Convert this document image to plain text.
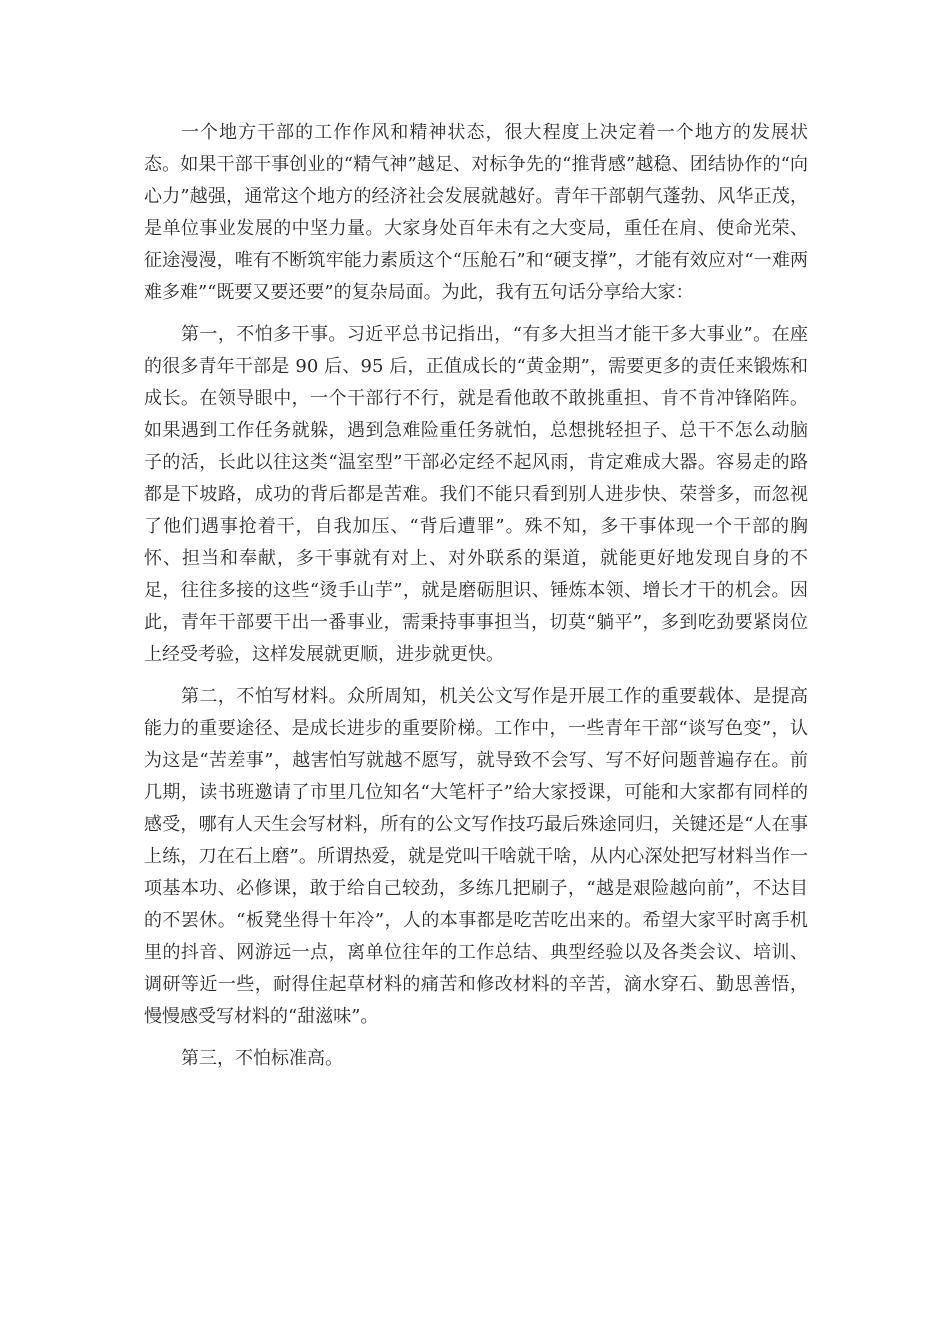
一个地方干部的工作作风和精神状态，很大程度上决定着一个地方的发展状态。如果干部干事创业的“精气神”越足、对标争先的“推背感”越稳、团结协作的“向心力”越强，通常这个地方的经济社会发展就越好。青年干部朝气蓬勃、风华正茂，是单位事业发展的中坚力量。大家身处百年未有之大变局，重任在肩、使命光荣、征途漫漫，唯有不断筑牢能力素质这个“压舱石”和“硬支撑”，才能有效应对“一难两难多难”“既要又要还要”的复杂局面。为此，我有五句话分享给大家：

第一，不怕多干事。习近平总书记指出，“有多大担当才能干多大事业”。在座的很多青年干部是 90 后、95 后，正值成长的“黄金期”，需要更多的责任来锻炼和成长。在领导眼中，一个干部行不行，就是看他敢不敢挑重担、肯不肯冲锋陷阵。如果遇到工作任务就躲，遇到急难险重任务就怕，总想挑轻担子、总干不怎么动脑子的活，长此以往这类“温室型”干部必定经不起风雨，肯定难成大器。容易走的路都是下坡路，成功的背后都是苦难。我们不能只看到别人进步快、荣誉多，而忽视了他们遇事抢着干，自我加压、“背后遭罪”。殊不知，多干事体现一个干部的胸怀、担当和奉献，多干事就有对上、对外联系的渠道，就能更好地发现自身的不足，往往多接的这些“烫手山芋”，就是磨砺胆识、锤炼本领、增长才干的机会。因此，青年干部要干出一番事业，需秉持事事担当，切莫“躺平”，多到吃劲要紧岗位上经受考验，这样发展就更顺，进步就更快。

第二，不怕写材料。众所周知，机关公文写作是开展工作的重要载体、是提高能力的重要途径、是成长进步的重要阶梯。工作中，一些青年干部“谈写色变”，认为这是“苦差事”，越害怕写就越不愿写，就导致不会写、写不好问题普遍存在。前几期，读书班邀请了市里几位知名“大笔杆子”给大家授课，可能和大家都有同样的感受，哪有人天生会写材料，所有的公文写作技巧最后殊途同归，关键还是“人在事上练，刀在石上磨”。所谓热爱，就是党叫干啥就干啥，从内心深处把写材料当作一项基本功、必修课，敢于给自己较劲，多练几把刷子，“越是艰险越向前”，不达目的不罢休。“板凳坐得十年冷”，人的本事都是吃苦吃出来的。希望大家平时离手机里的抖音、网游远一点，离单位往年的工作总结、典型经验以及各类会议、培训、调研等近一些，耐得住起草材料的痛苦和修改材料的辛苦，滴水穿石、勤思善悟，慢慢感受写材料的“甜滋味”。

第三，不怕标准高。
